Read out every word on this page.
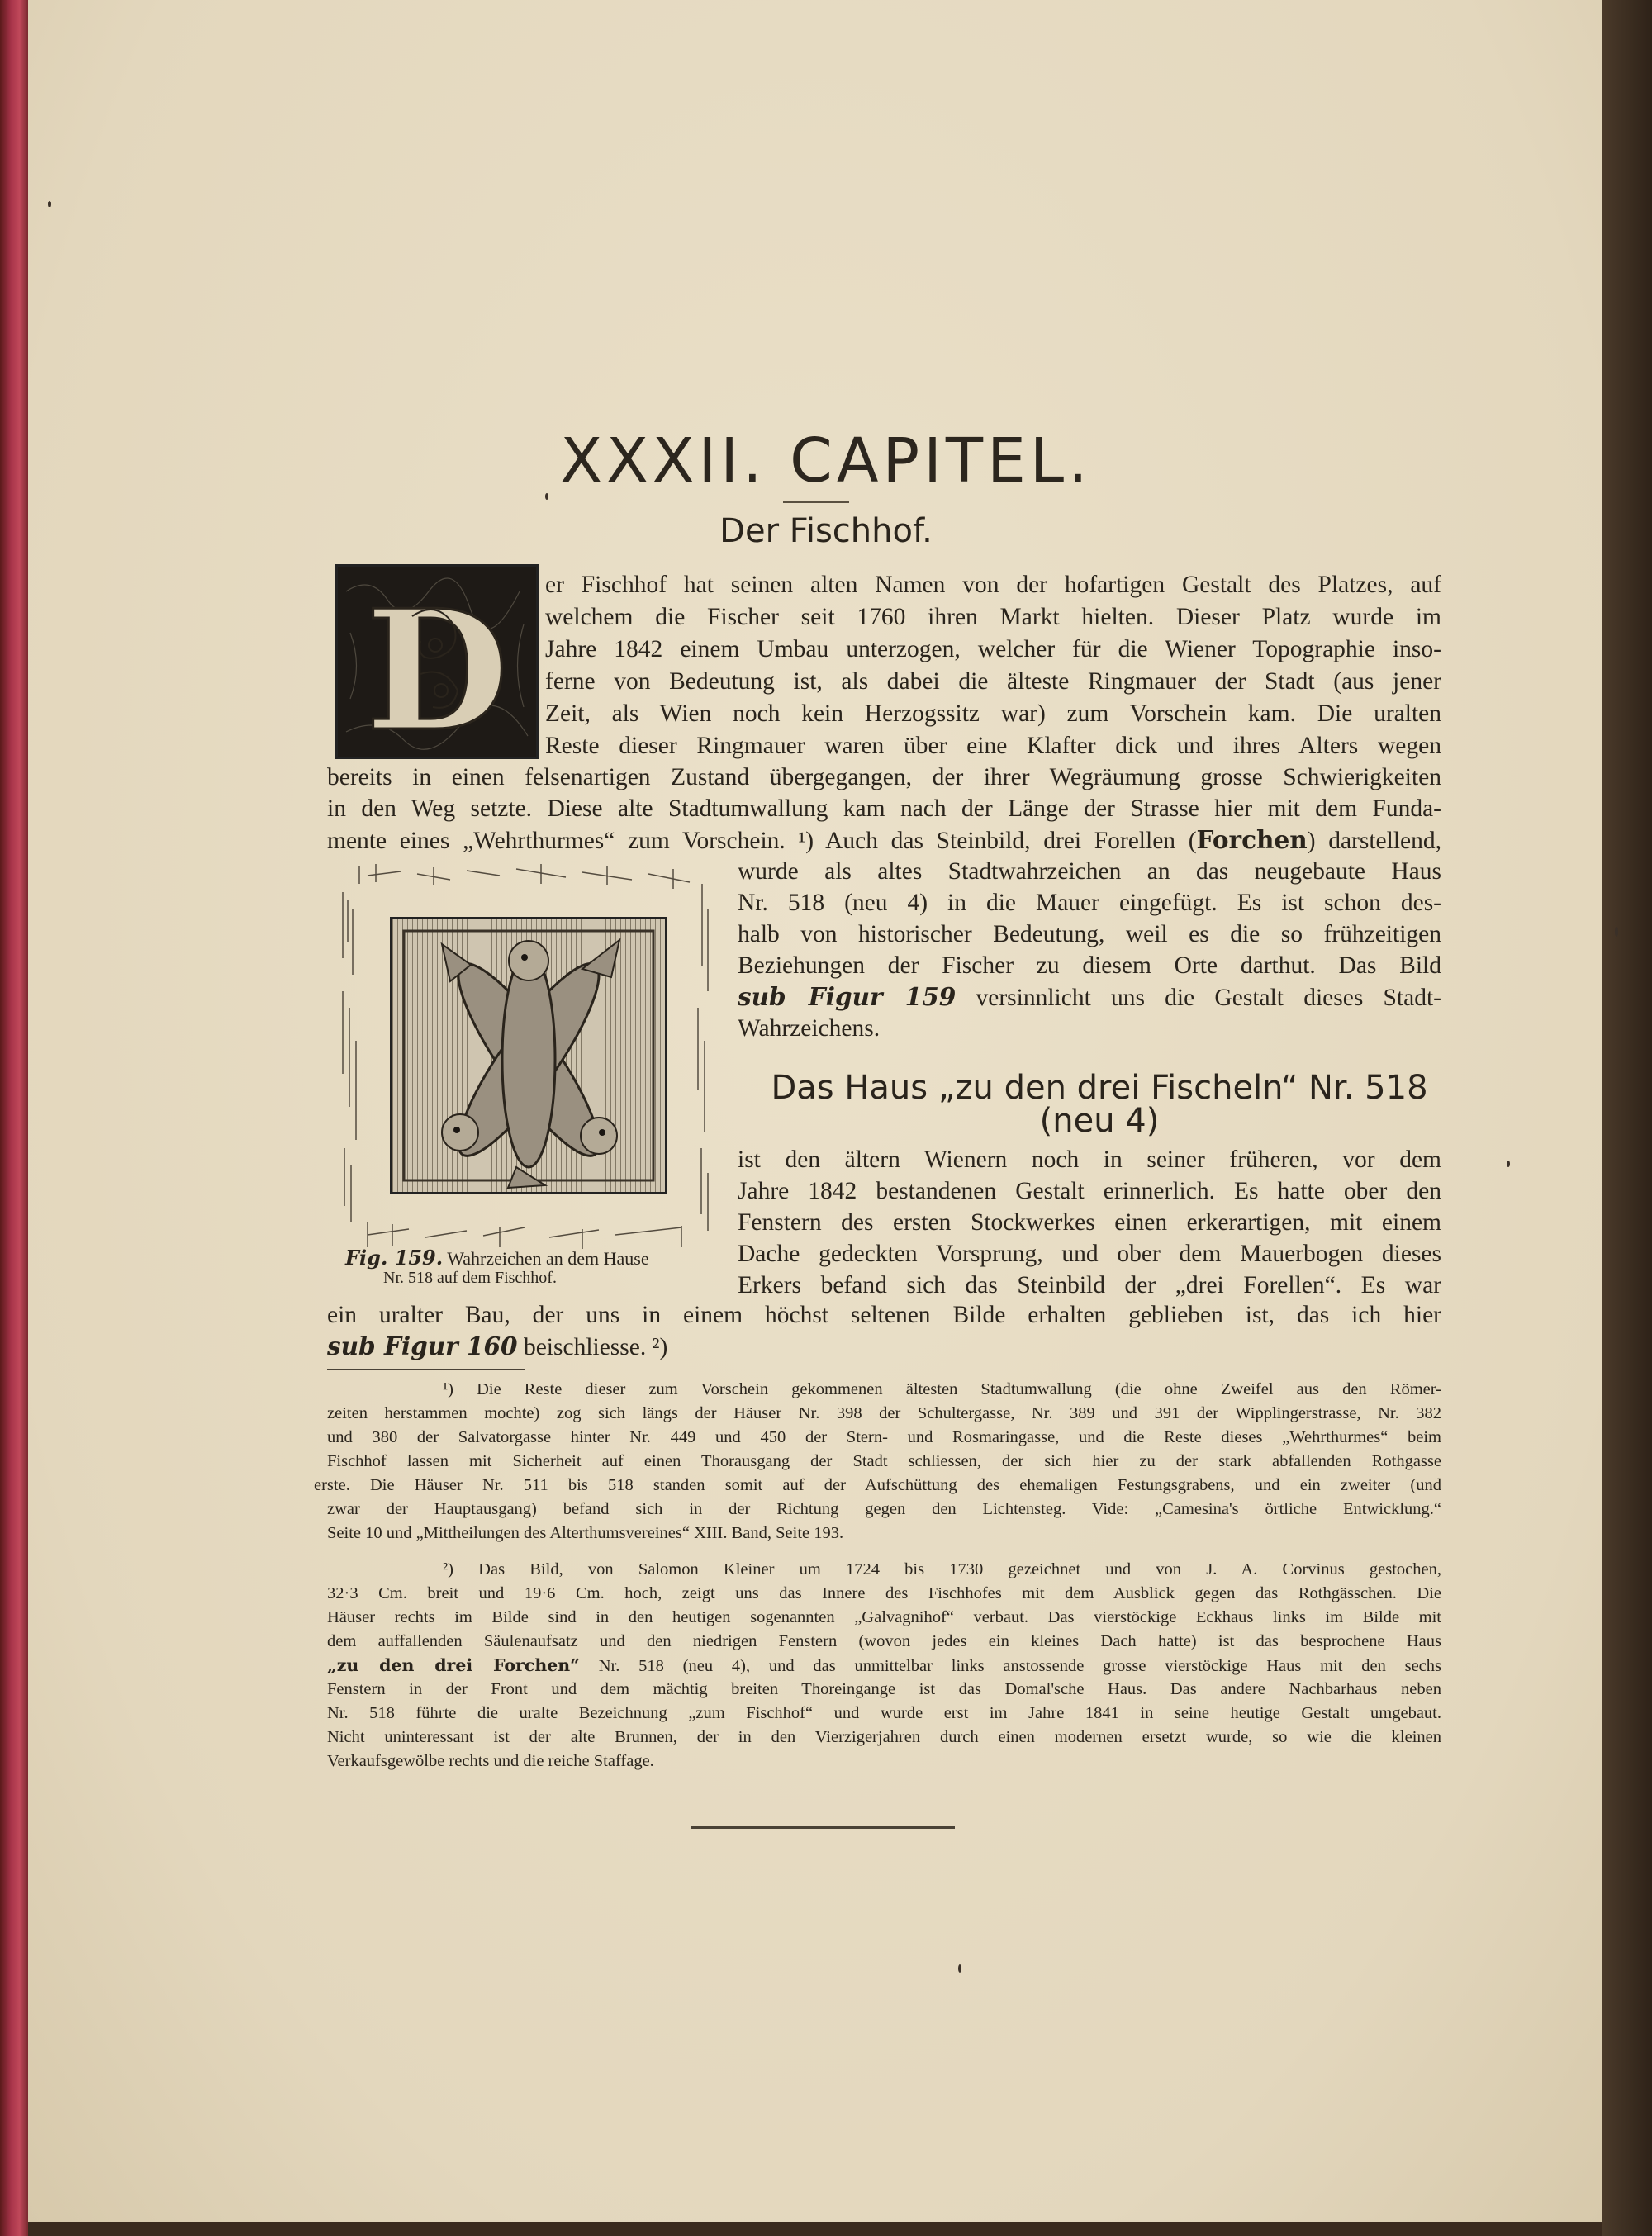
XXXII. CAPITEL.
Der Fischhof.
D er Fischhof hat seinen alten Namen von der hofartigen Gestalt des Platzes, auf
welchem die Fischer seit 1760 ihren Markt hielten. Dieser Platz wurde im
Jahre 1842 einem Umbau unterzogen, welcher für die Wiener Topographie inso-
ferne von Bedeutung ist, als dabei die älteste Ringmauer der Stadt (aus jener
Zeit, als Wien noch kein Herzogssitz war) zum Vorschein kam. Die uralten
Reste dieser Ringmauer waren über eine Klafter dick und ihres Alters wegen
bereits in einen felsenartigen Zustand übergegangen, der ihrer Wegräumung grosse Schwierigkeiten
in den Weg setzte. Diese alte Stadtumwallung kam nach der Länge der Strasse hier mit dem Funda-
mente eines „Wehrthurmes“ zum Vorschein. ¹) Auch das Steinbild, drei Forellen (Forchen) darstellend,
wurde als altes Stadtwahrzeichen an das neugebaute Haus
Nr. 518 (neu 4) in die Mauer eingefügt. Es ist schon des-
halb von historischer Bedeutung, weil es die so frühzeitigen
Beziehungen der Fischer zu diesem Orte darthut. Das Bild
sub Figur 159 versinnlicht uns die Gestalt dieses Stadt-
Wahrzeichens.
Das Haus „zu den drei Fischeln“ Nr. 518
(neu 4)
ist den ältern Wienern noch in seiner früheren, vor dem
Jahre 1842 bestandenen Gestalt erinnerlich. Es hatte ober den
Fenstern des ersten Stockwerkes einen erkerartigen, mit einem
Dache gedeckten Vorsprung, und ober dem Mauerbogen dieses
Erkers befand sich das Steinbild der „drei Forellen“. Es war
ein uralter Bau, der uns in einem höchst seltenen Bilde erhalten geblieben ist, das ich hier
sub Figur 160 beischliesse. ²)
Fig. 159. Wahrzeichen an dem Hause
Nr. 518 auf dem Fischhof.
¹) Die Reste dieser zum Vorschein gekommenen ältesten Stadtumwallung (die ohne Zweifel aus den Römer-
zeiten herstammen mochte) zog sich längs der Häuser Nr. 398 der Schultergasse, Nr. 389 und 391 der Wipplingerstrasse, Nr. 382
und 380 der Salvatorgasse hinter Nr. 449 und 450 der Stern- und Rosmaringasse, und die Reste dieses „Wehrthurmes“ beim
Fischhof lassen mit Sicherheit auf einen Thorausgang der Stadt schliessen, der sich hier zu der stark abfallenden Rothgasse
erste. Die Häuser Nr. 511 bis 518 standen somit auf der Aufschüttung des ehemaligen Festungsgrabens, und ein zweiter (und
zwar der Hauptausgang) befand sich in der Richtung gegen den Lichtensteg. Vide: „Camesina's örtliche Entwicklung.“
Seite 10 und „Mittheilungen des Alterthumsvereines“ XIII. Band, Seite 193.
²) Das Bild, von Salomon Kleiner um 1724 bis 1730 gezeichnet und von J. A. Corvinus gestochen,
32·3 Cm. breit und 19·6 Cm. hoch, zeigt uns das Innere des Fischhofes mit dem Ausblick gegen das Rothgässchen. Die
Häuser rechts im Bilde sind in den heutigen sogenannten „Galvagnihof“ verbaut. Das vierstöckige Eckhaus links im Bilde mit
dem auffallenden Säulenaufsatz und den niedrigen Fenstern (wovon jedes ein kleines Dach hatte) ist das besprochene Haus
„zu den drei Forchen“ Nr. 518 (neu 4), und das unmittelbar links anstossende grosse vierstöckige Haus mit den sechs
Fenstern in der Front und dem mächtig breiten Thoreingange ist das Domal'sche Haus. Das andere Nachbarhaus neben
Nr. 518 führte die uralte Bezeichnung „zum Fischhof“ und wurde erst im Jahre 1841 in seine heutige Gestalt umgebaut.
Nicht uninteressant ist der alte Brunnen, der in den Vierzigerjahren durch einen modernen ersetzt wurde, so wie die kleinen
Verkaufsgewölbe rechts und die reiche Staffage.
